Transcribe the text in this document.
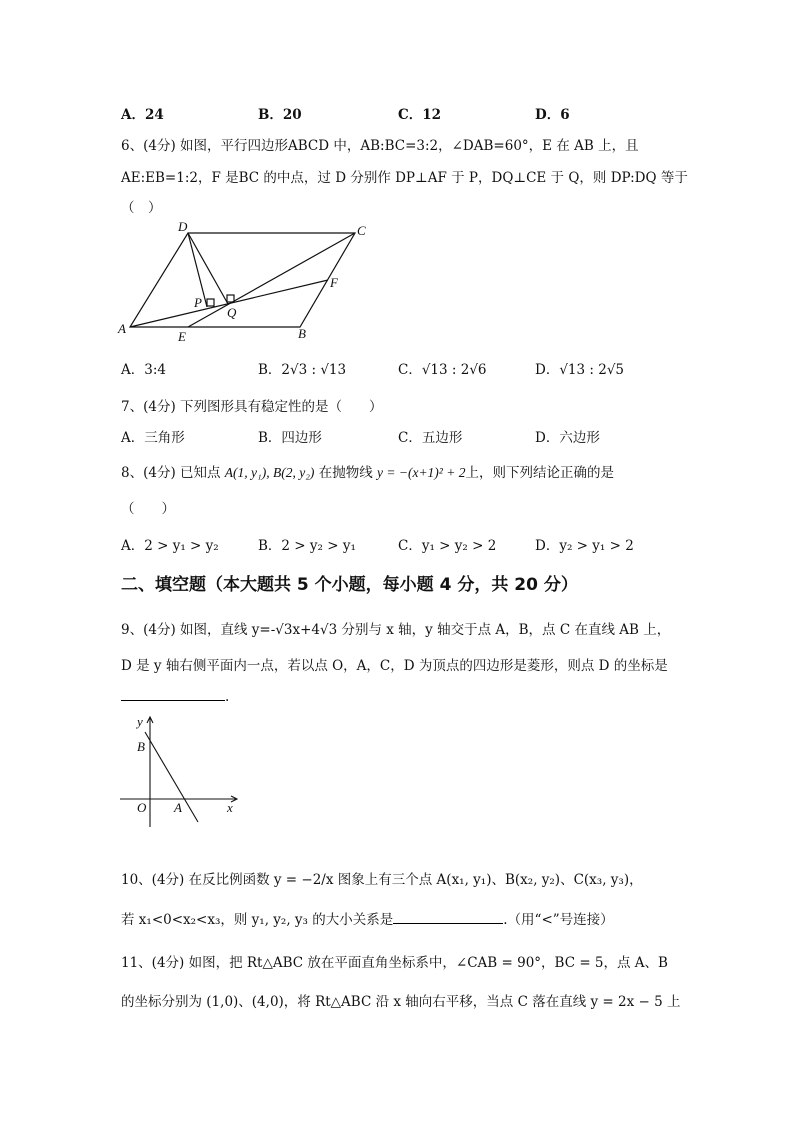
A．24	B．20	C．12	D．6
6、(4分) 如图，平行四边形ABCD 中，AB:BC=3:2，∠DAB=60°，E 在 AB 上，且
AE:EB=1:2，F 是BC 的中点，过 D 分别作 DP⊥AF 于 P，DQ⊥CE 于 Q，则 DP:DQ 等于
（　）
D	C
F
A	B
E
P
Q
A．3:4	B．2√3 : √13	C．√13 : 2√6	D．√13 : 2√5
7、(4分) 下列图形具有稳定性的是（　　）
A．三角形	B．四边形	C．五边形	D．六边形
8、(4分) 已知点 A(1, y₁), B(2, y₂) 在抛物线 y = −(x+1)² + 2上，则下列结论正确的是
（　　）
A．2 > y₁ > y₂	B．2 > y₂ > y₁	C．y₁ > y₂ > 2	D．y₂ > y₁ > 2
二、填空题（本大题共 5 个小题，每小题 4 分，共 20 分）
9、(4分) 如图，直线 y=-√3x+4√3 分别与 x 轴，y 轴交于点 A，B，点 C 在直线 AB 上，
D 是 y 轴右侧平面内一点，若以点 O，A，C，D 为顶点的四边形是菱形，则点 D 的坐标是
.
y
x
O A
B
10、(4分) 在反比例函数 y = −2/x 图象上有三个点 A(x₁, y₁)、B(x₂, y₂)、C(x₃, y₃)，
若 x₁<0<x₂<x₃，则 y₁, y₂, y₃ 的大小关系是	.（用“<”号连接）
11、(4分) 如图，把 Rt△ABC 放在平面直角坐标系中，∠CAB = 90°，BC = 5，点 A、B
的坐标分别为 (1,0)、(4,0)，将 Rt△ABC 沿 x 轴向右平移，当点 C 落在直线 y = 2x − 5 上
